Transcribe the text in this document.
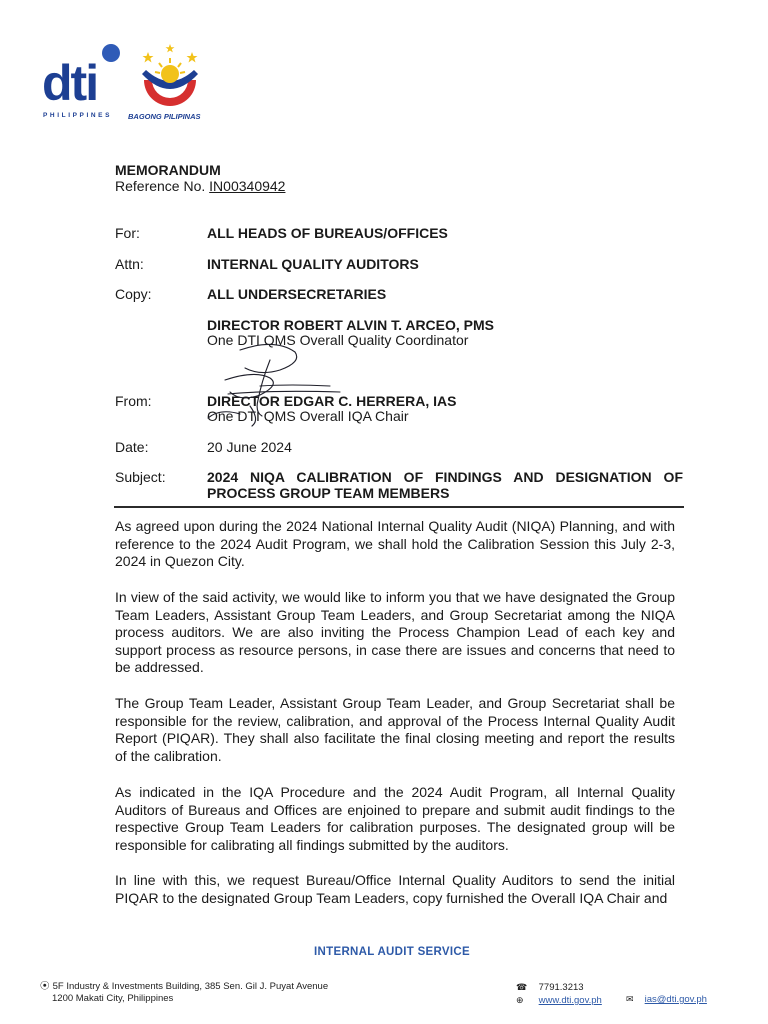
dti
PHILIPPINES	BAGONG PILIPINAS
MEMORANDUM
Reference No. IN00340942
For:	ALL HEADS OF BUREAUS/OFFICES
Attn:	INTERNAL QUALITY AUDITORS
Copy:	ALL UNDERSECRETARIES
DIRECTOR ROBERT ALVIN T. ARCEO, PMS
One DTI QMS Overall Quality Coordinator
From:	DIRECTOR EDGAR C. HERRERA, IAS
One DTI QMS Overall IQA Chair
Date:	20 June 2024
Subject:	2024 NIQA CALIBRATION OF FINDINGS AND DESIGNATION OF
PROCESS GROUP TEAM MEMBERS

As agreed upon during the 2024 National Internal Quality Audit (NIQA) Planning, and with reference to the 2024 Audit Program, we shall hold the Calibration Session this July 2-3, 2024 in Quezon City.

In view of the said activity, we would like to inform you that we have designated the Group Team Leaders, Assistant Group Team Leaders, and Group Secretariat among the NIQA process auditors. We are also inviting the Process Champion Lead of each key and support process as resource persons, in case there are issues and concerns that need to be addressed.

The Group Team Leader, Assistant Group Team Leader, and Group Secretariat shall be responsible for the review, calibration, and approval of the Process Internal Quality Audit Report (PIQAR). They shall also facilitate the final closing meeting and report the results of the calibration.

As indicated in the IQA Procedure and the 2024 Audit Program, all Internal Quality Auditors of Bureaus and Offices are enjoined to prepare and submit audit findings to the respective Group Team Leaders for calibration purposes. The designated group will be responsible for calibrating all findings submitted by the auditors.

In line with this, we request Bureau/Office Internal Quality Auditors to send the initial PIQAR to the designated Group Team Leaders, copy furnished the Overall IQA Chair and

INTERNAL AUDIT SERVICE
⦿ 5F Industry & Investments Building, 385 Sen. Gil J. Puyat Avenue
1200 Makati City, Philippines
☎ 7791.3213
⊕ www.dti.gov.ph	✉ ias@dti.gov.ph
